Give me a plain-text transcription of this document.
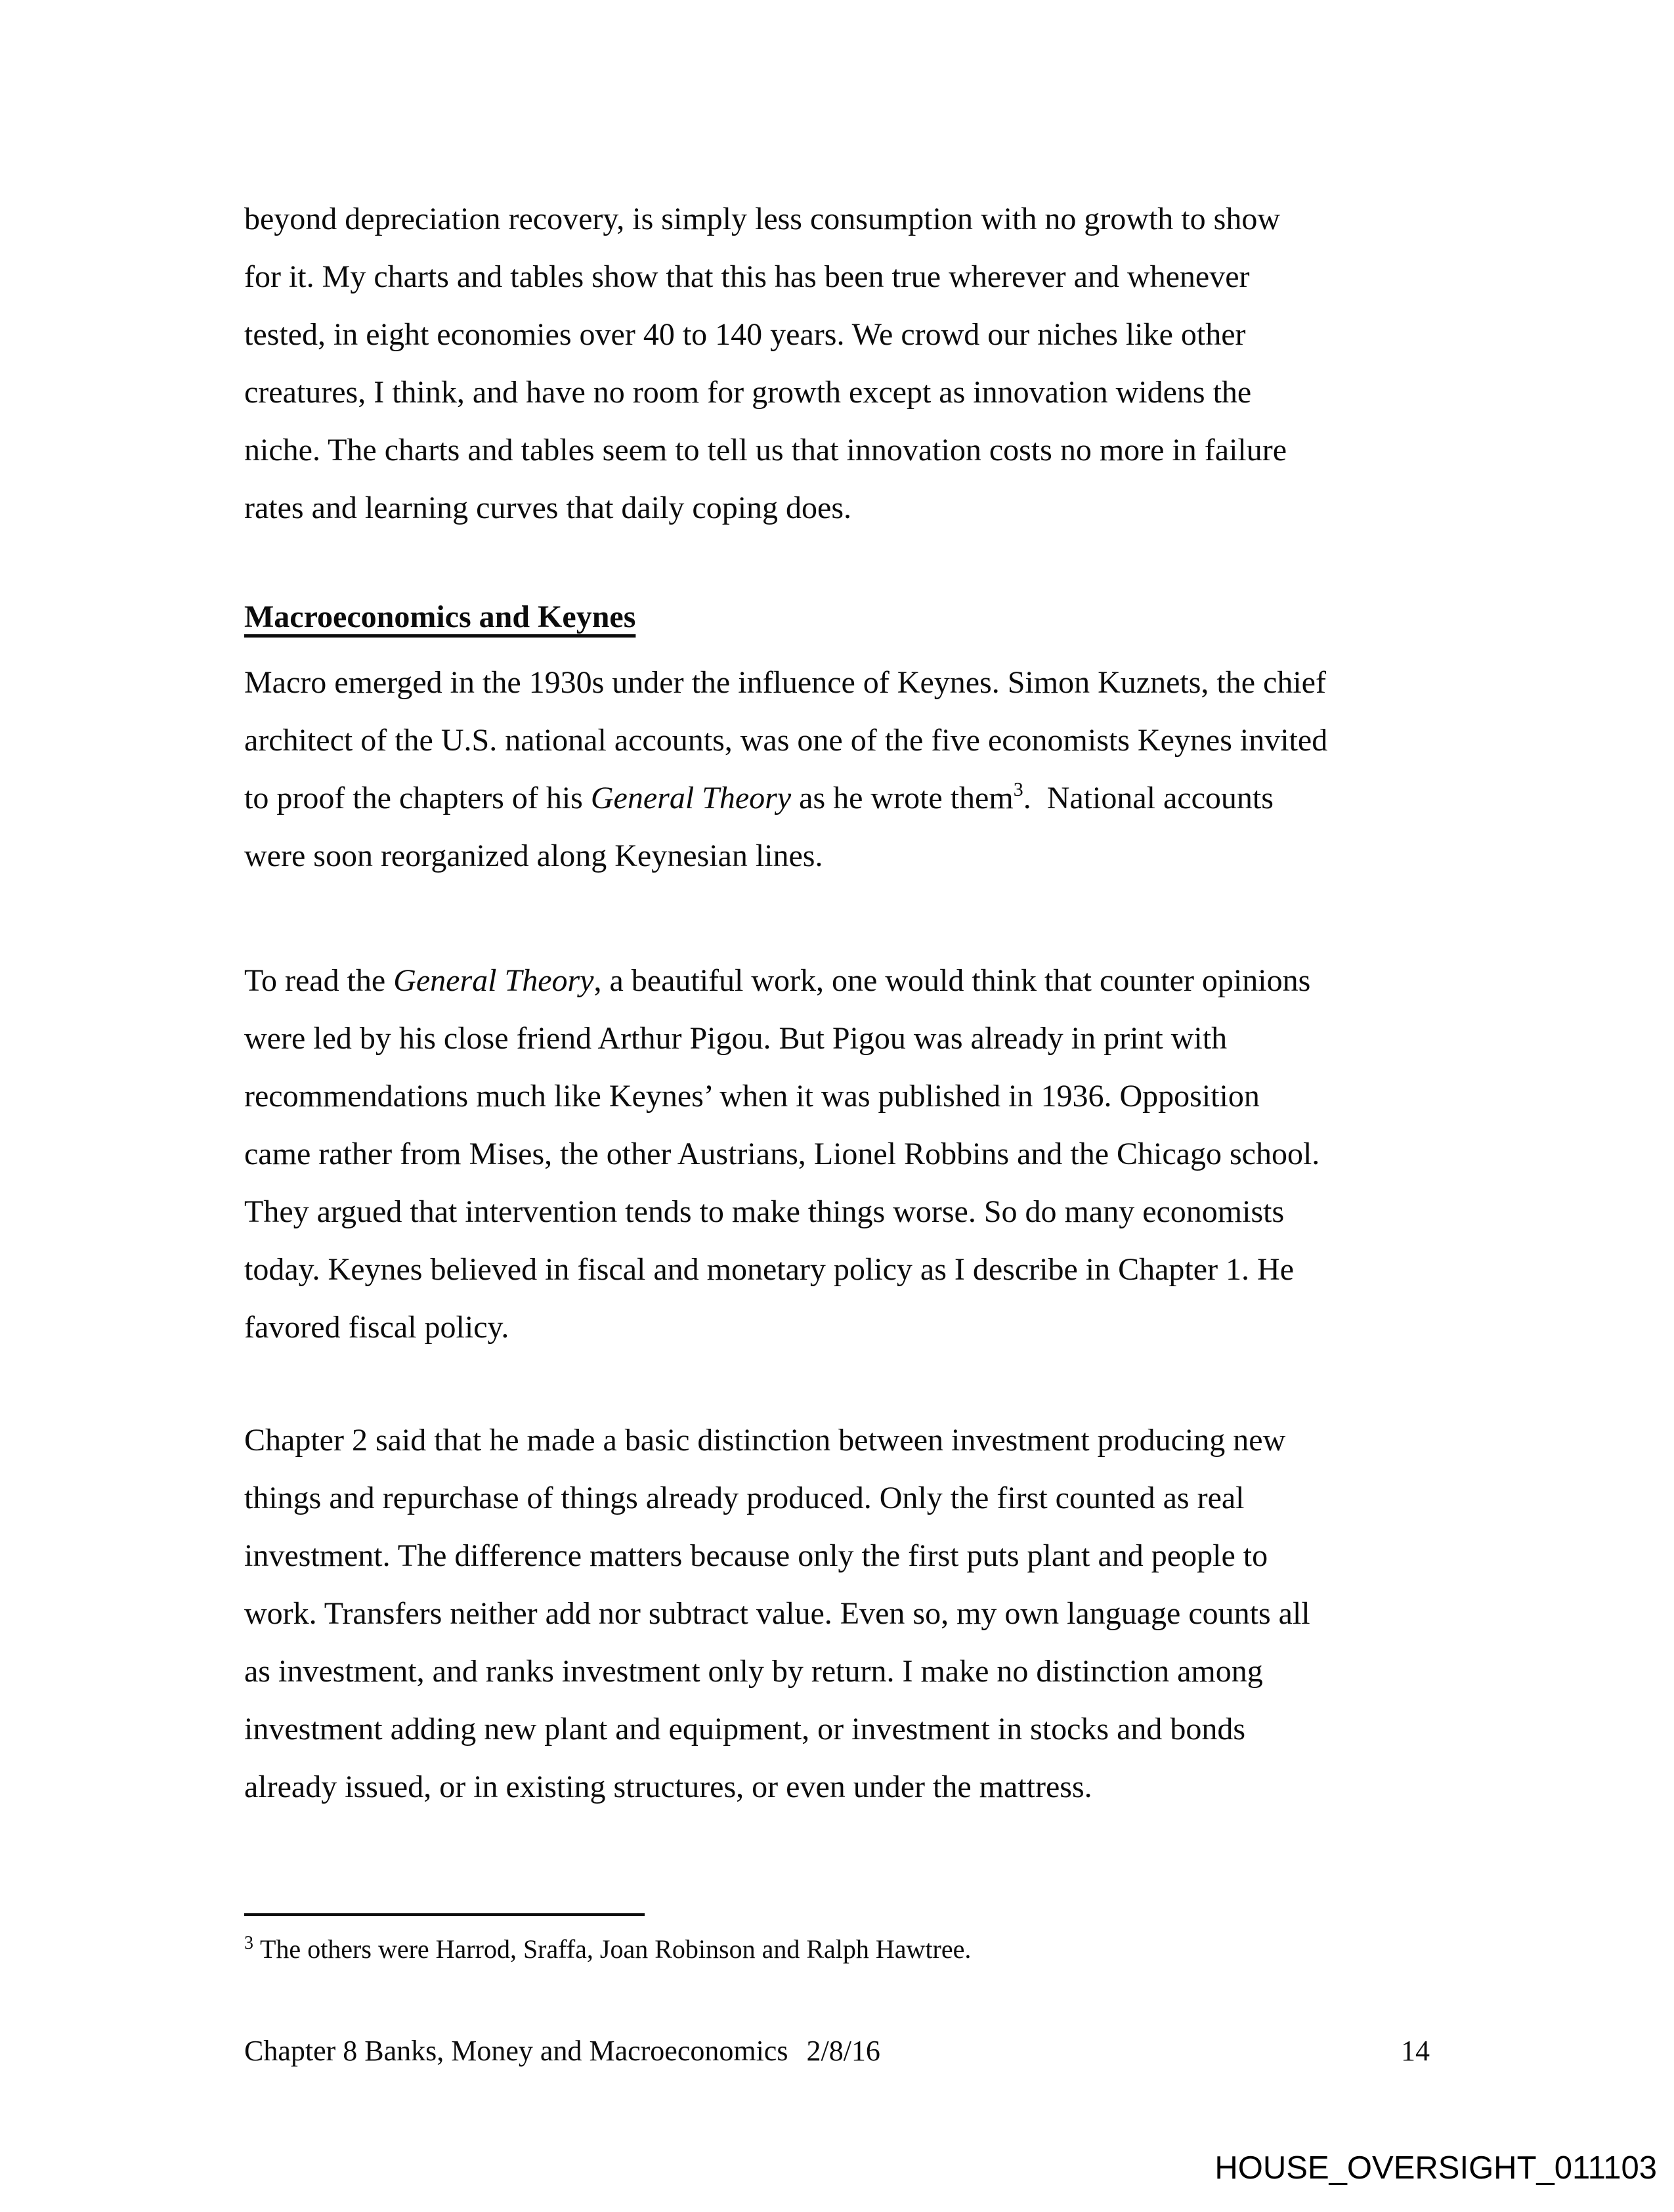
beyond depreciation recovery, is simply less consumption with no growth to show
for it. My charts and tables show that this has been true wherever and whenever
tested, in eight economies over 40 to 140 years. We crowd our niches like other
creatures, I think, and have no room for growth except as innovation widens the
niche. The charts and tables seem to tell us that innovation costs no more in failure
rates and learning curves that daily coping does.

Macroeconomics and Keynes

Macro emerged in the 1930s under the influence of Keynes. Simon Kuznets, the chief
architect of the U.S. national accounts, was one of the five economists Keynes invited
to proof the chapters of his General Theory as he wrote them$^3$.  National accounts
were soon reorganized along Keynesian lines.

To read the General Theory, a beautiful work, one would think that counter opinions
were led by his close friend Arthur Pigou. But Pigou was already in print with
recommendations much like Keynes’ when it was published in 1936. Opposition
came rather from Mises, the other Austrians, Lionel Robbins and the Chicago school.
They argued that intervention tends to make things worse. So do many economists
today. Keynes believed in fiscal and monetary policy as I describe in Chapter 1. He
favored fiscal policy.

Chapter 2 said that he made a basic distinction between investment producing new
things and repurchase of things already produced. Only the first counted as real
investment. The difference matters because only the first puts plant and people to
work. Transfers neither add nor subtract value. Even so, my own language counts all
as investment, and ranks investment only by return. I make no distinction among
investment adding new plant and equipment, or investment in stocks and bonds
already issued, or in existing structures, or even under the mattress.

$^3$ The others were Harrod, Sraffa, Joan Robinson and Ralph Hawtree.

Chapter 8 Banks, Money and Macroeconomics 2/8/16	14
HOUSE_OVERSIGHT_011103
